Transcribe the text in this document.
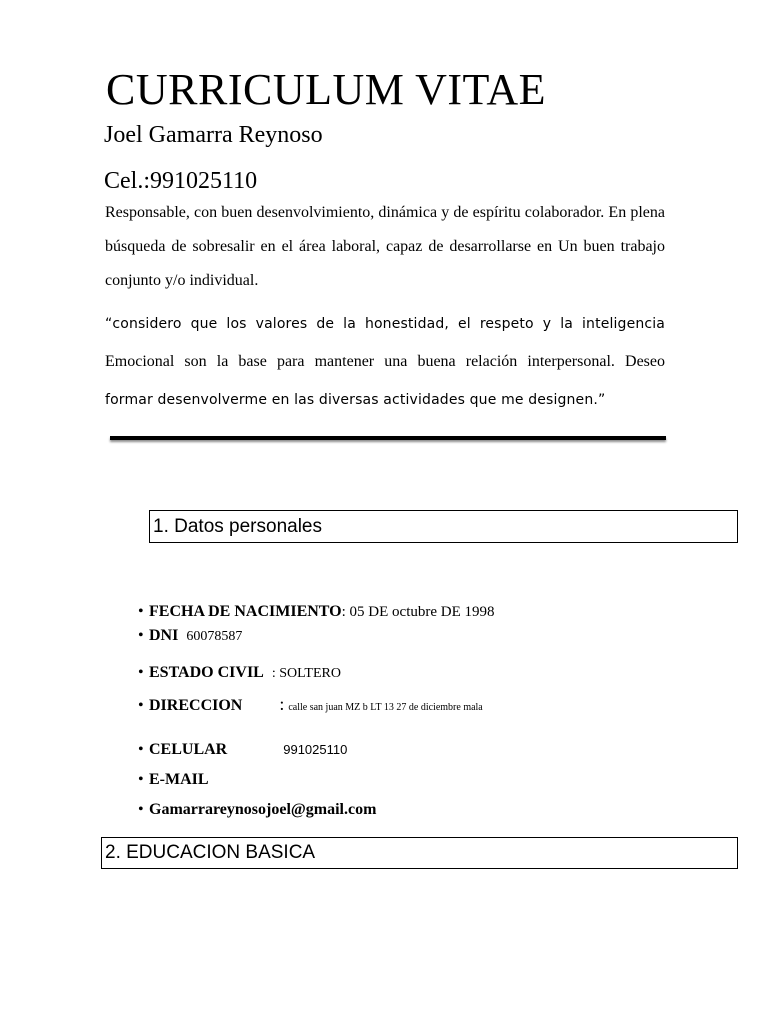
CURRICULUM VITAE
Joel Gamarra Reynoso
Cel.:991025110
Responsable, con buen desenvolvimiento, dinámica y de espíritu colaborador. En plena búsqueda de sobresalir en el área laboral, capaz de desarrollarse en Un buen trabajo conjunto y/o individual.
“considero que los valores de la honestidad, el respeto y la inteligencia
Emocional son la base para mantener una buena relación interpersonal. Deseo
formar desenvolverme en las diversas actividades que me designen.”
1. Datos personales
• FECHA DE NACIMIENTO: 05 DE octubre DE 1998
• DNI 60078587
• ESTADO CIVIL : SOLTERO
• DIRECCION : calle san juan MZ b LT 13 27 de diciembre mala
• CELULAR	991025110
• E-MAIL
• Gamarrareynosojoel@gmail.com
2. EDUCACION BASICA
